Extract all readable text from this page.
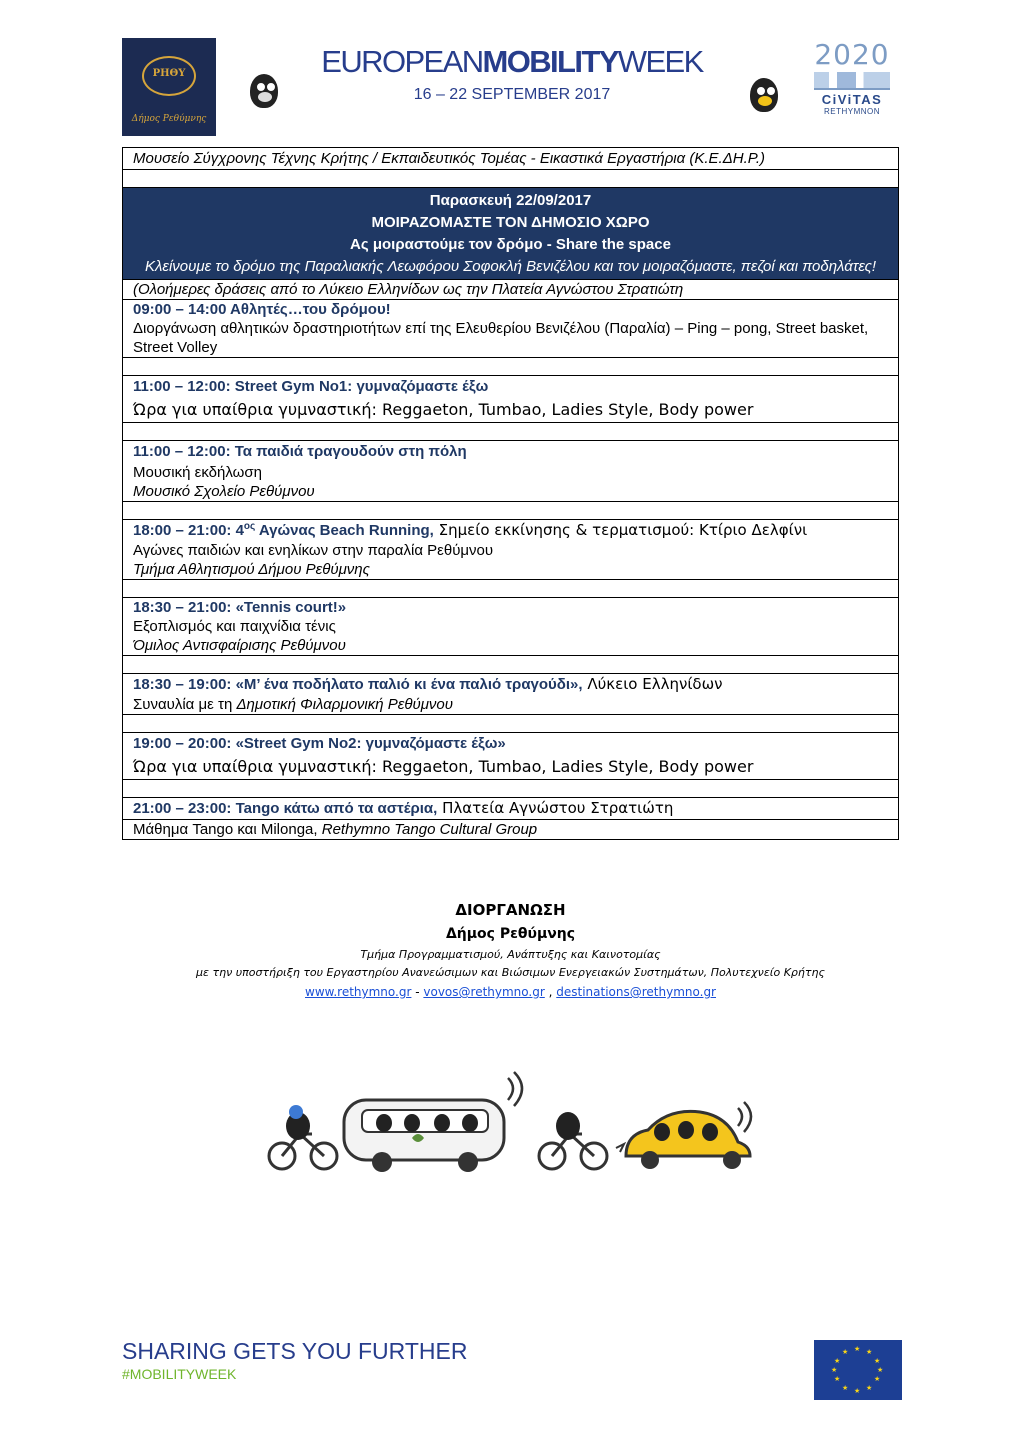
ΡΗΘΥ
Δήμος Ρεθύμνης
EUROPEANMOBILITYWEEK
16 – 22 SEPTEMBER 2017
2020
CiViTAS
RETHYMNON
Μουσείο Σύγχρονης Τέχνης Κρήτης / Εκπαιδευτικός Τομέας - Εικαστικά Εργαστήρια (Κ.Ε.ΔΗ.Ρ.)

Παρασκευή 22/09/2017
ΜΟΙΡΑΖΟΜΑΣΤΕ ΤΟΝ ΔΗΜΟΣΙΟ ΧΩΡΟ
Ας μοιραστούμε τον δρόμο - Share the space
Κλείνουμε το δρόμο της Παραλιακής Λεωφόρου Σοφοκλή Βενιζέλου και τον μοιραζόμαστε, πεζοί και ποδηλάτες!

(Ολοήμερες δράσεις από το Λύκειο Ελληνίδων ως την Πλατεία Αγνώστου Στρατιώτη

09:00 – 14:00 Αθλητές…του δρόμου!
Διοργάνωση αθλητικών δραστηριοτήτων επί της Ελευθερίου Βενιζέλου (Παραλία) – Ping – pong, Street basket, Street Volley

11:00 – 12:00: Street Gym No1: γυμναζόμαστε έξω
Ώρα για υπαίθρια γυμναστική: Reggaeton, Tumbao, Ladies Style, Body power

11:00 – 12:00: Τα παιδιά τραγουδούν στη πόλη
Μουσική εκδήλωση
Μουσικό Σχολείο Ρεθύμνου

18:00 – 21:00: $4^{o\varsigma}$ Αγώνας Beach Running, Σημείο εκκίνησης & τερματισμού: Κτίριο Δελφίνι
Αγώνες παιδιών και ενηλίκων στην παραλία Ρεθύμνου
Τμήμα Αθλητισμού Δήμου Ρεθύμνης

18:30 – 21:00: «Tennis court!»
Εξοπλισμός και παιχνίδια τένις
Όμιλος Αντισφαίρισης Ρεθύμνου

18:30 – 19:00: «Μ’ ένα ποδήλατο παλιό κι ένα παλιό τραγούδι», Λύκειο Ελληνίδων
Συναυλία με τη Δημοτική Φιλαρμονική Ρεθύμνου

19:00 – 20:00: «Street Gym No2: γυμναζόμαστε έξω»
Ώρα για υπαίθρια γυμναστική: Reggaeton, Tumbao, Ladies Style, Body power

21:00 – 23:00: Tango κάτω από τα αστέρια, Πλατεία Αγνώστου Στρατιώτη

Μάθημα Tango και Milonga, Rethymno Tango Cultural Group
ΔΙΟΡΓΑΝΩΣΗ
Δήμος Ρεθύμνης
Τμήμα Προγραμματισμού, Ανάπτυξης και Καινοτομίας
με την υποστήριξη του Εργαστηρίου Ανανεώσιμων και Βιώσιμων Ενεργειακών Συστημάτων, Πολυτεχνείο Κρήτης
www.rethymno.gr - vovos@rethymno.gr , destinations@rethymno.gr
SHARING GETS YOU FURTHER
#MOBILITYWEEK
★ ★
★
★
★
★
★
★
★
★
★
★
